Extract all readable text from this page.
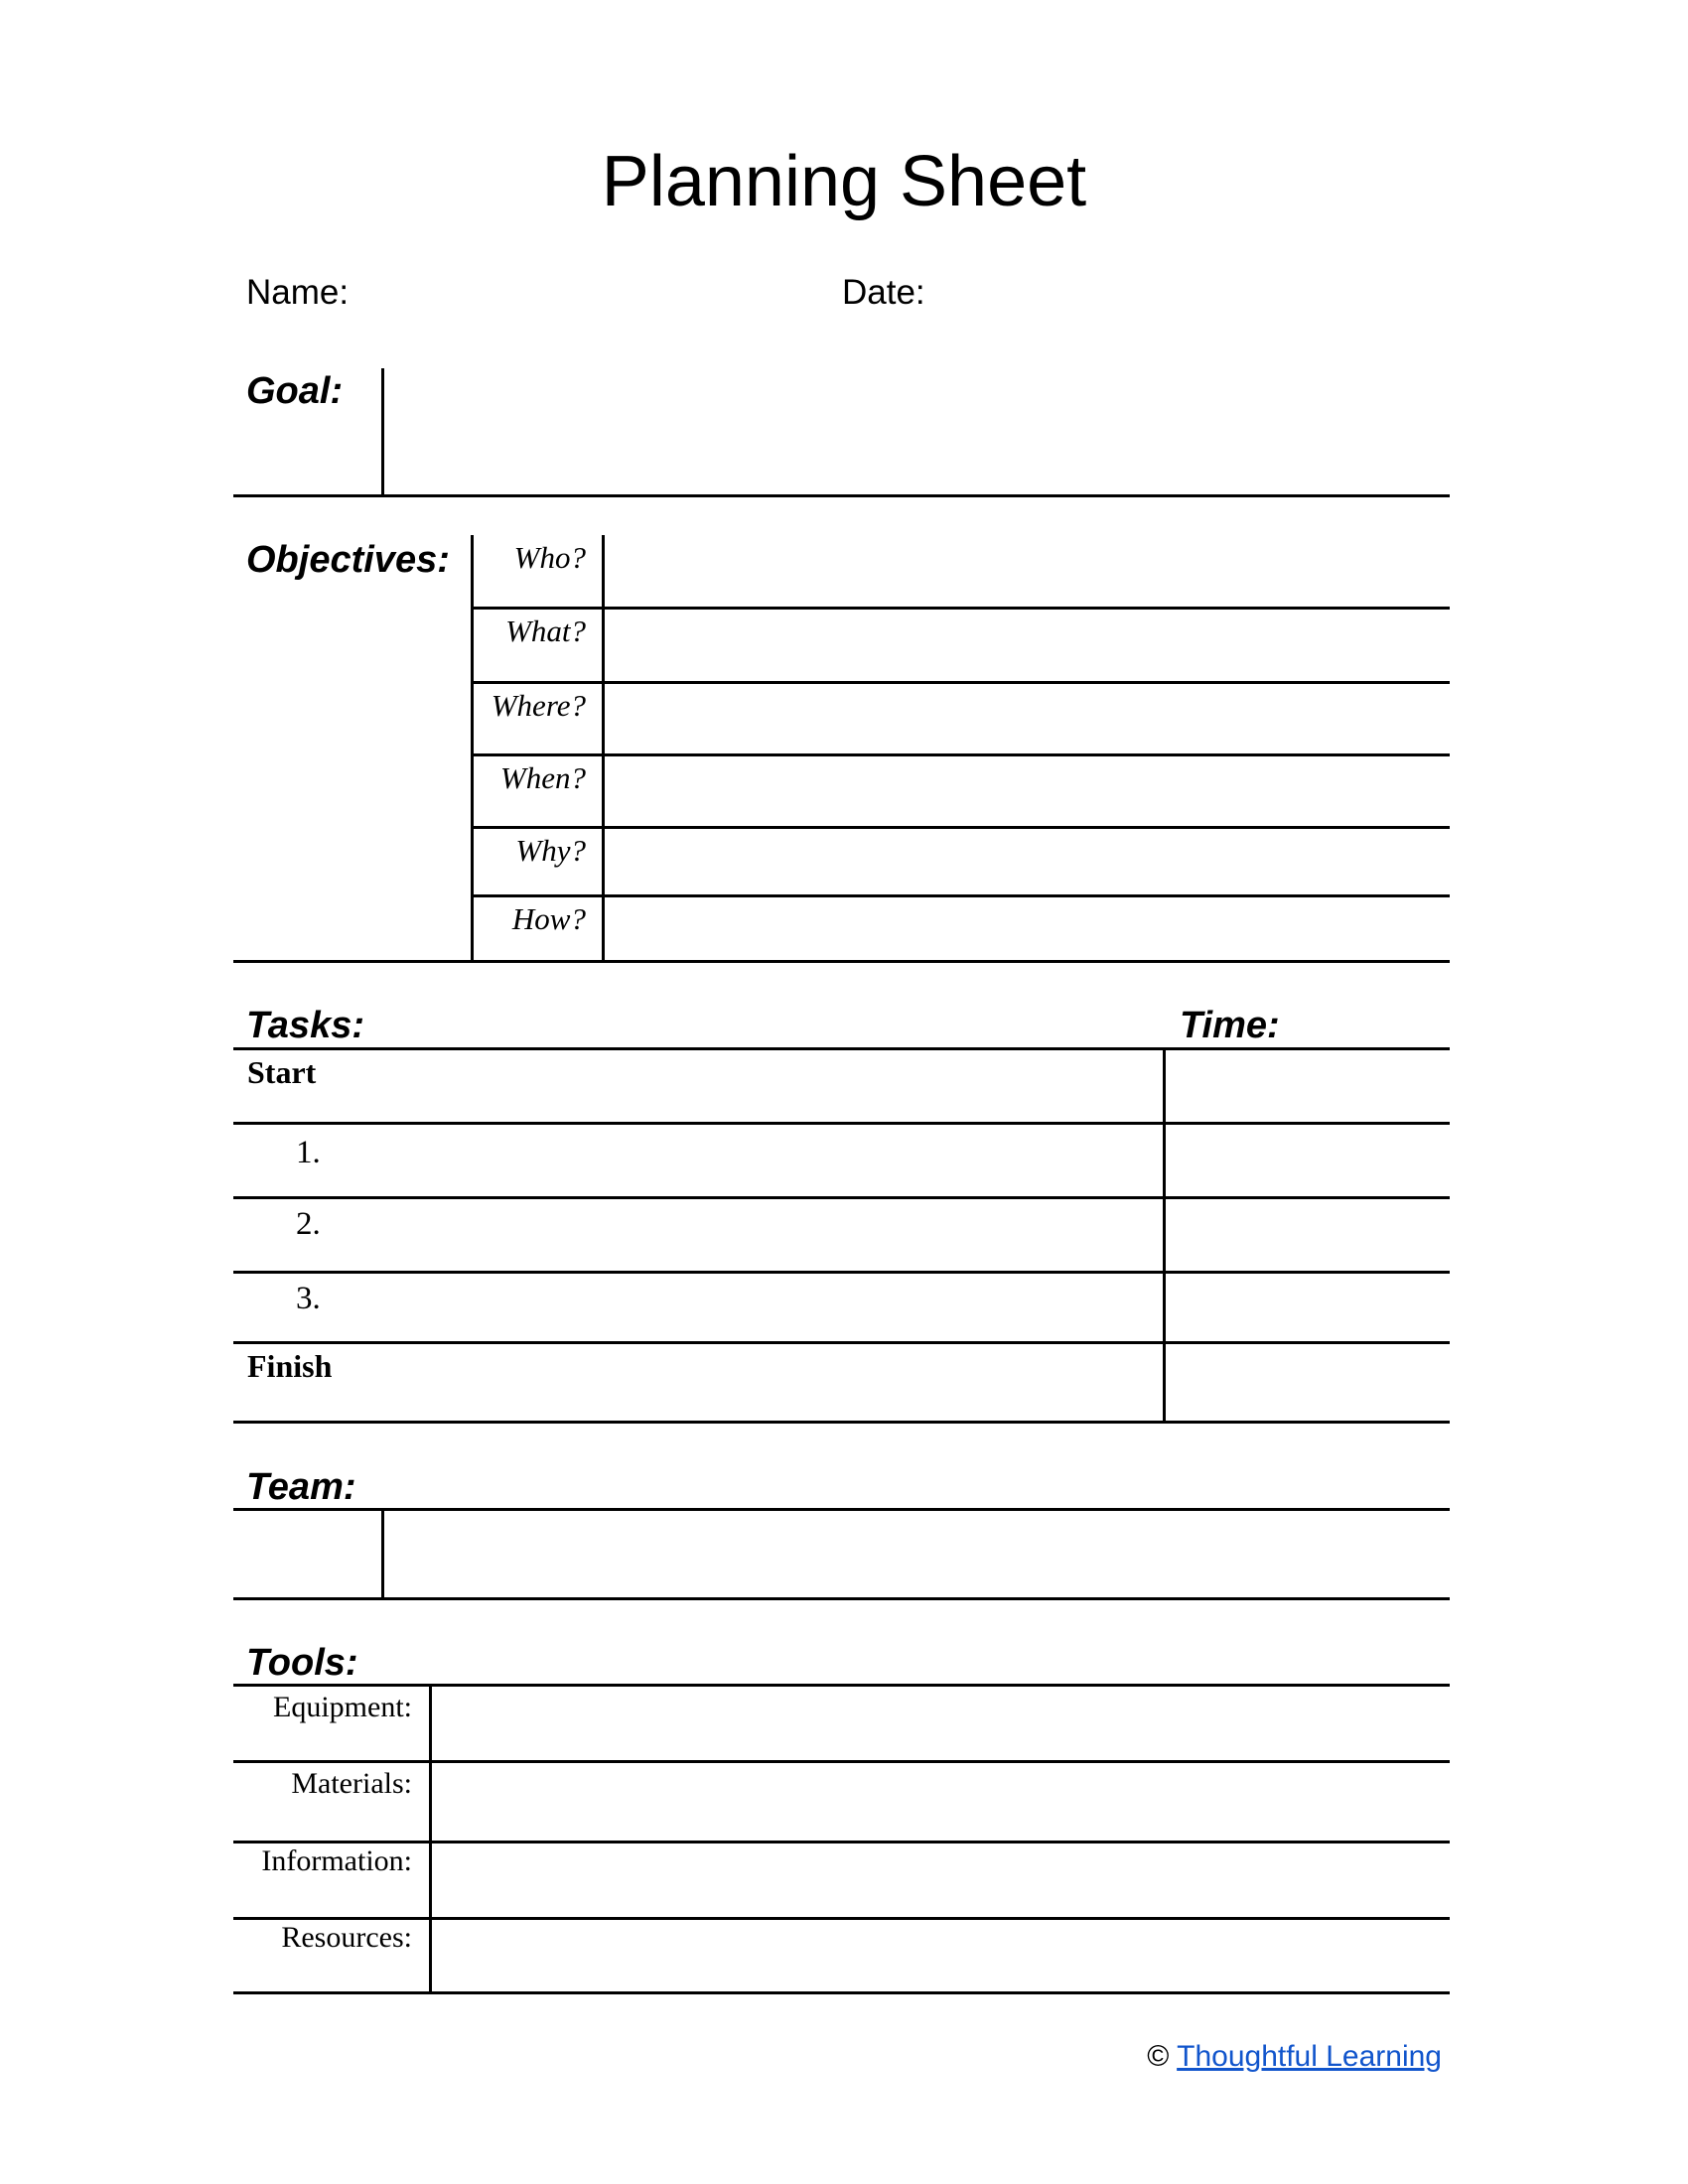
Planning Sheet
Name:	Date:
Goal:
Objectives:	Who?
What?
Where?
When?
Why?
How?
Tasks:	Time:
Start
1.
2.
3.
Finish
Team:
Tools:
Equipment:
Materials:
Information:
Resources:
© Thoughtful Learning
